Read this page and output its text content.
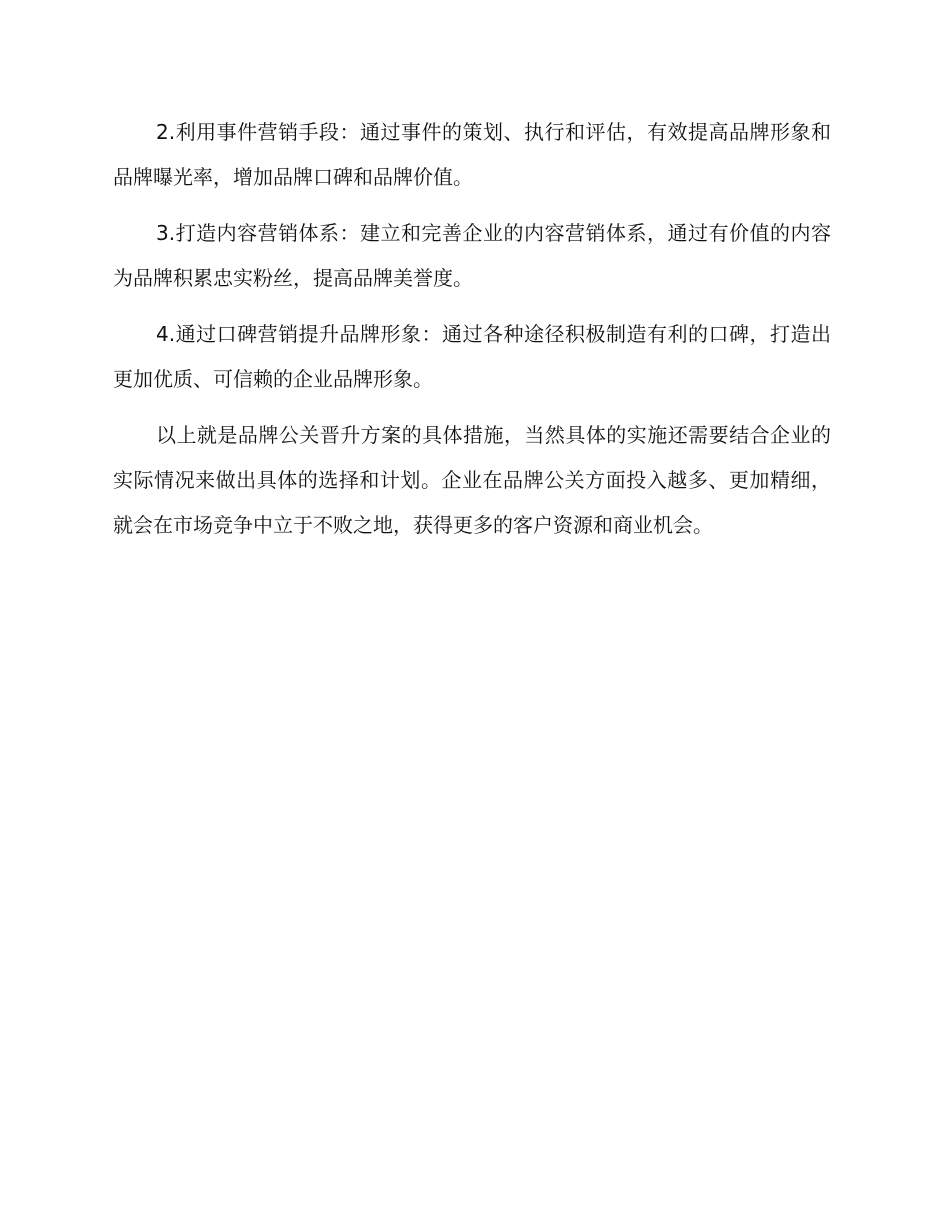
2.利用事件营销手段：通过事件的策划、执行和评估，有效提高品牌形象和品牌曝光率，增加品牌口碑和品牌价值。

3.打造内容营销体系：建立和完善企业的内容营销体系，通过有价值的内容为品牌积累忠实粉丝，提高品牌美誉度。

4.通过口碑营销提升品牌形象：通过各种途径积极制造有利的口碑，打造出更加优质、可信赖的企业品牌形象。

以上就是品牌公关晋升方案的具体措施，当然具体的实施还需要结合企业的实际情况来做出具体的选择和计划。企业在品牌公关方面投入越多、更加精细，就会在市场竞争中立于不败之地，获得更多的客户资源和商业机会。
